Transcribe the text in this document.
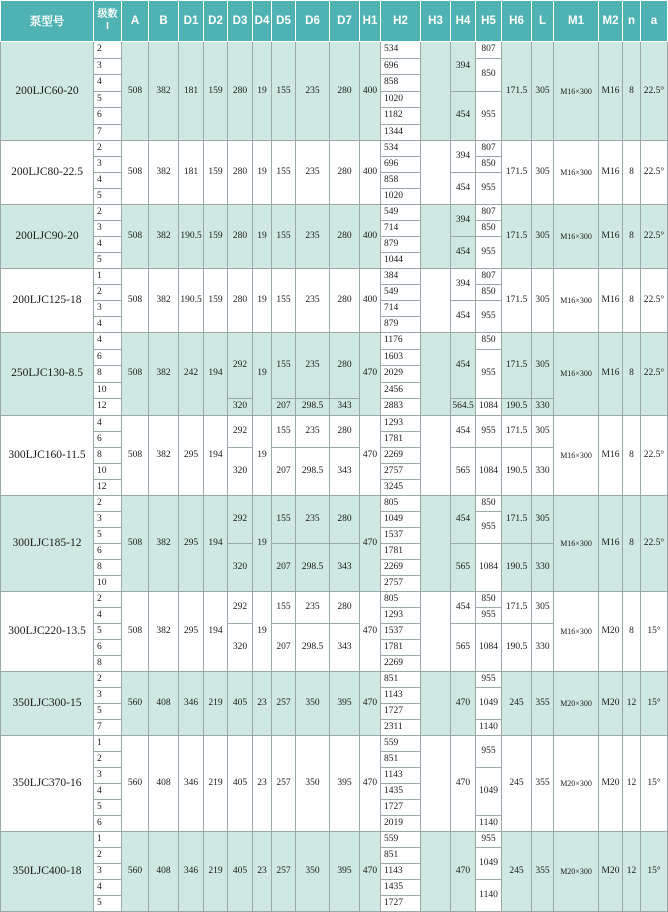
泵型号	级数
I	A	B	D1	D2	D3	D4	D5	D6	D7	H1	H2	H3	H4	H5	H6	L	M1	M2	n	a
200LJC60-20	2	508	382	181	159	280	19	155	235	280	400	534		394	807	171.5	305	M16×300	M16	8	22.5°
	3											696			850						
	4											858									
	5											1020		454	955						
	6											1182									
	7											1344									
200LJC80-22.5	2	508	382	181	159	280	19	155	235	280	400	534		394	807	171.5	305	M16×300	M16	8	22.5°
	3											696			850						
	4											858		454	955						
	5											1020									
200LJC90-20	2	508	382	190.5	159	280	19	155	235	280	400	549		394	807	171.5	305	M16×300	M16	8	22.5°
	3											714			850						
	4											879		454	955						
	5											1044									
200LJC125-18	1	508	382	190.5	159	280	19	155	235	280	400	384		394	807	171.5	305	M16×300	M16	8	22.5°
	2											549			850						
	3											714		454	955						
	4											879									
250LJC130-8.5	4	508	382	242	194	292	19	155	235	280	470	1176		454	850	171.5	305	M16×300	M16	8	22.5°
	6											1603			955						
	8											2029									
	10											2456									
	12					320		207	298.5	343		2883		564.5	1084	190.5	330				
300LJC160-11.5	4	508	382	295	194	292	19	155	235	280	470	1293		454	955	171.5	305	M16×300	M16	8	22.5°
	6											1781									
	8					320		207	298.5	343		2269		565	1084	190.5	330				
	10											2757									
	12											3245									
300LJC185-12	2	508	382	295	194	292	19	155	235	280	470	805		454	850	171.5	305	M16×300	M16	8	22.5°
	3											1049			955						
	5											1537									
	6					320		207	298.5	343		1781		565	1084	190.5	330				
	8											2269									
	10											2757									
300LJC220-13.5	2	508	382	295	194	292	19	155	235	280	470	805		454	850	171.5	305	M16×300	M20	8	15°
	4											1293			955						
	5					320		207	298.5	343		1537		565	1084	190.5	330				
	6											1781									
	8											2269									
350LJC300-15	2	560	408	346	219	405	23	257	350	395	470	851		470	955	245	355	M20×300	M20	12	15°
	3											1143			1049						
	5											1727									
	7											2311			1140						
350LJC370-16	1	560	408	346	219	405	23	257	350	395	470	559		470	955	245	355	M20×300	M20	12	15°
	2											851									
	3											1143			1049						
	4											1435									
	5											1727									
	6											2019			1140						
350LJC400-18	1	560	408	346	219	405	23	257	350	395	470	559		470	955	245	355	M20×300	M20	12	15°
	2											851			1049						
	3											1143									
	4											1435			1140						
	5											1727									
